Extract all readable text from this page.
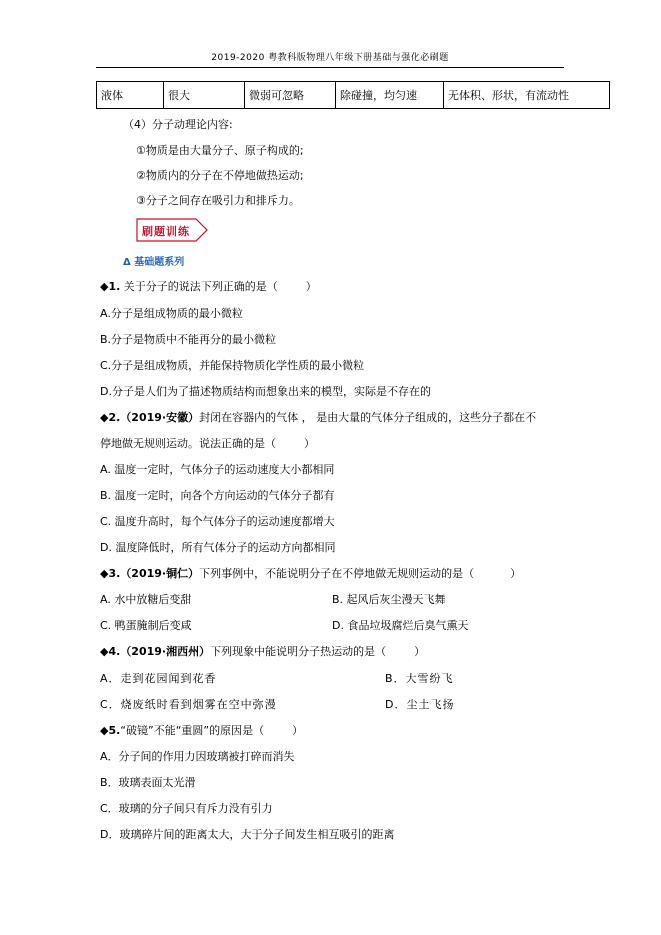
2019-2020 粤教科版物理八年级下册基础与强化必刷题
液体	很大	微弱可忽略	除碰撞，均匀速	无体积、形状，有流动性
（4）分子动理论内容:
①物质是由大量分子、原子构成的;
②物质内的分子在不停地做热运动;
③分子之间存在吸引力和排斥力。
刷题训练
Δ 基础题系列
◆1. 关于分子的说法下列正确的是（	）
A.分子是组成物质的最小微粒
B.分子是物质中不能再分的最小微粒
C.分子是组成物质，并能保持物质化学性质的最小微粒
D.分子是人们为了描述物质结构而想象出来的模型，实际是不存在的
◆2.（2019·安徽）封闭在容器内的气体 ， 是由大量的气体分子组成的，这些分子都在不
停地做无规则运动。说法正确的是（	）
A. 温度一定时，气体分子的运动速度大小都相同
B. 温度一定时，向各个方向运动的气体分子都有
C. 温度升高时，每个气体分子的运动速度都增大
D. 温度降低时，所有气体分子的运动方向都相同
◆3.（2019·铜仁）下列事例中，不能说明分子在不停地做无规则运动的是（	）
A. 水中放糖后变甜	B. 起风后灰尘漫天飞舞
C. 鸭蛋腌制后变咸	D. 食品垃圾腐烂后臭气熏天
◆4.（2019·湘西州）下列现象中能说明分子热运动的是（	）
A．走到花园闻到花香	B．大雪纷飞
C．烧废纸时看到烟雾在空中弥漫	D．尘土飞扬
◆5.“破镜”不能“重圆”的原因是（	）
A．分子间的作用力因玻璃被打碎而消失
B．玻璃表面太光滑
C．玻璃的分子间只有斥力没有引力
D．玻璃碎片间的距离太大，大于分子间发生相互吸引的距离
